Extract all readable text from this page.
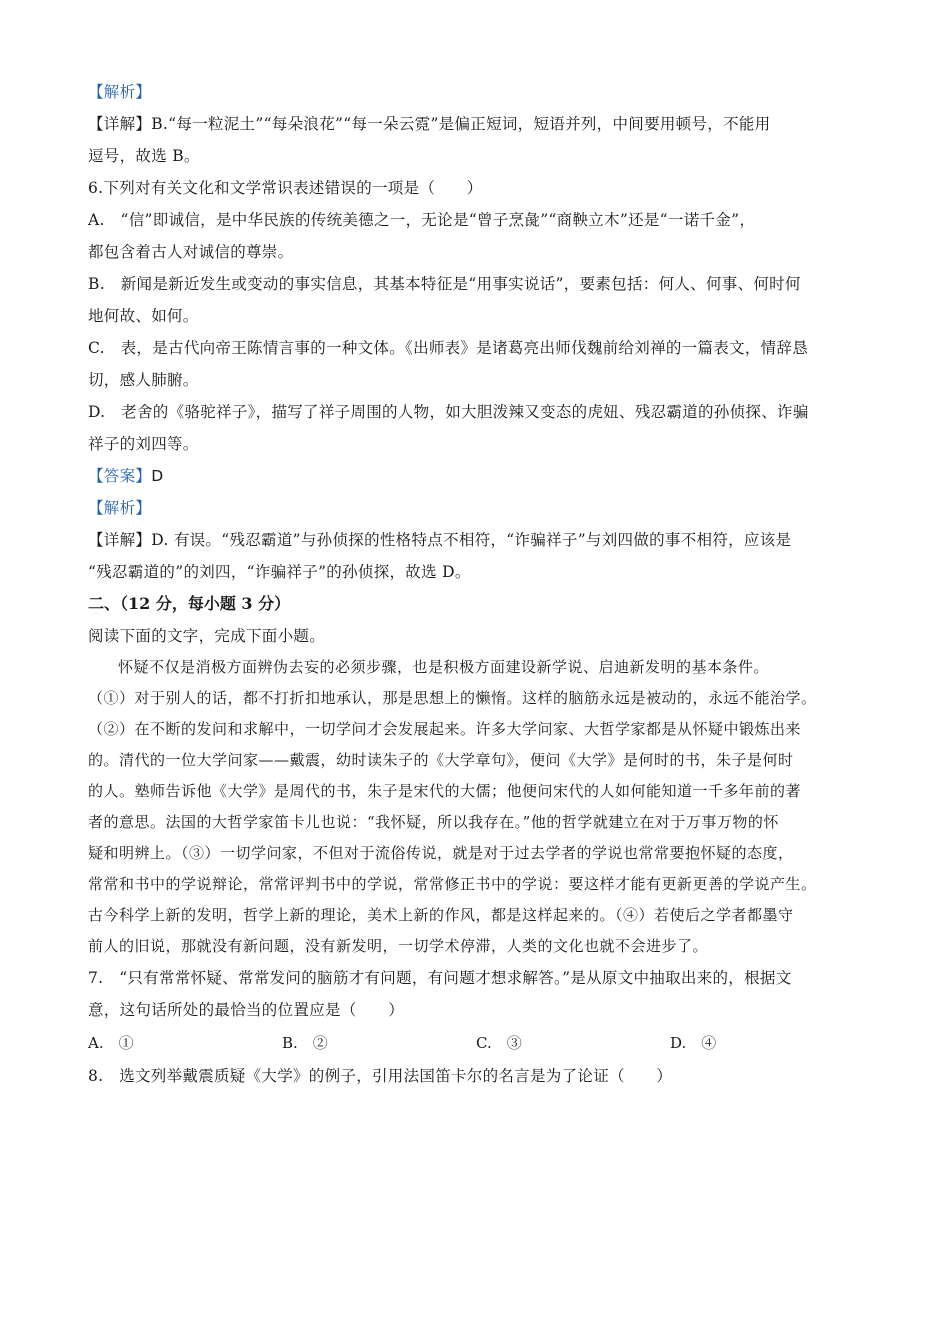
【解析】
【详解】B.“每一粒泥土”“每朵浪花”“每一朵云霓”是偏正短词，短语并列，中间要用顿号，不能用
逗号，故选 B。
6.下列对有关文化和文学常识表述错误的一项是（　　）
A.　“信”即诚信，是中华民族的传统美德之一，无论是“曾子烹彘”“商鞅立木”还是“一诺千金”，
都包含着古人对诚信的尊崇。
B.　新闻是新近发生或变动的事实信息，其基本特征是“用事实说话”，要素包括：何人、何事、何时何
地何故、如何。
C.　表，是古代向帝王陈情言事的一种文体。《出师表》是诸葛亮出师伐魏前给刘禅的一篇表文，情辞恳
切，感人肺腑。
D.　老舍的《骆驼祥子》，描写了祥子周围的人物，如大胆泼辣又变态的虎妞、残忍霸道的孙侦探、诈骗
祥子的刘四等。
【答案】D
【解析】
【详解】D. 有误。“残忍霸道”与孙侦探的性格特点不相符，“诈骗祥子”与刘四做的事不相符，应该是
“残忍霸道的”的刘四，“诈骗祥子”的孙侦探，故选 D。
二、（12 分，每小题 3 分）
阅读下面的文字，完成下面小题。
怀疑不仅是消极方面辨伪去妄的必须步骤，也是积极方面建设新学说、启迪新发明的基本条件。
（①）对于别人的话，都不打折扣地承认，那是思想上的懒惰。这样的脑筋永远是被动的，永远不能治学。
（②）在不断的发问和求解中，一切学问才会发展起来。许多大学问家、大哲学家都是从怀疑中锻炼出来
的。清代的一位大学问家——戴震，幼时读朱子的《大学章句》，便问《大学》是何时的书，朱子是何时
的人。塾师告诉他《大学》是周代的书，朱子是宋代的大儒；他便问宋代的人如何能知道一千多年前的著
者的意思。法国的大哲学家笛卡儿也说：“我怀疑，所以我存在。”他的哲学就建立在对于万事万物的怀
疑和明辨上。（③）一切学问家，不但对于流俗传说，就是对于过去学者的学说也常常要抱怀疑的态度，
常常和书中的学说辩论，常常评判书中的学说，常常修正书中的学说：要这样才能有更新更善的学说产生。
古今科学上新的发明，哲学上新的理论，美术上新的作风，都是这样起来的。（④）若使后之学者都墨守
前人的旧说，那就没有新问题，没有新发明，一切学术停滞，人类的文化也就不会进步了。
7.　“只有常常怀疑、常常发问的脑筋才有问题，有问题才想求解答。”是从原文中抽取出来的，根据文
意，这句话所处的最恰当的位置应是（　　）
A.　①	B.　②	C.　③	D.　④
8.　选文列举戴震质疑《大学》的例子，引用法国笛卡尔的名言是为了论证（　　）
